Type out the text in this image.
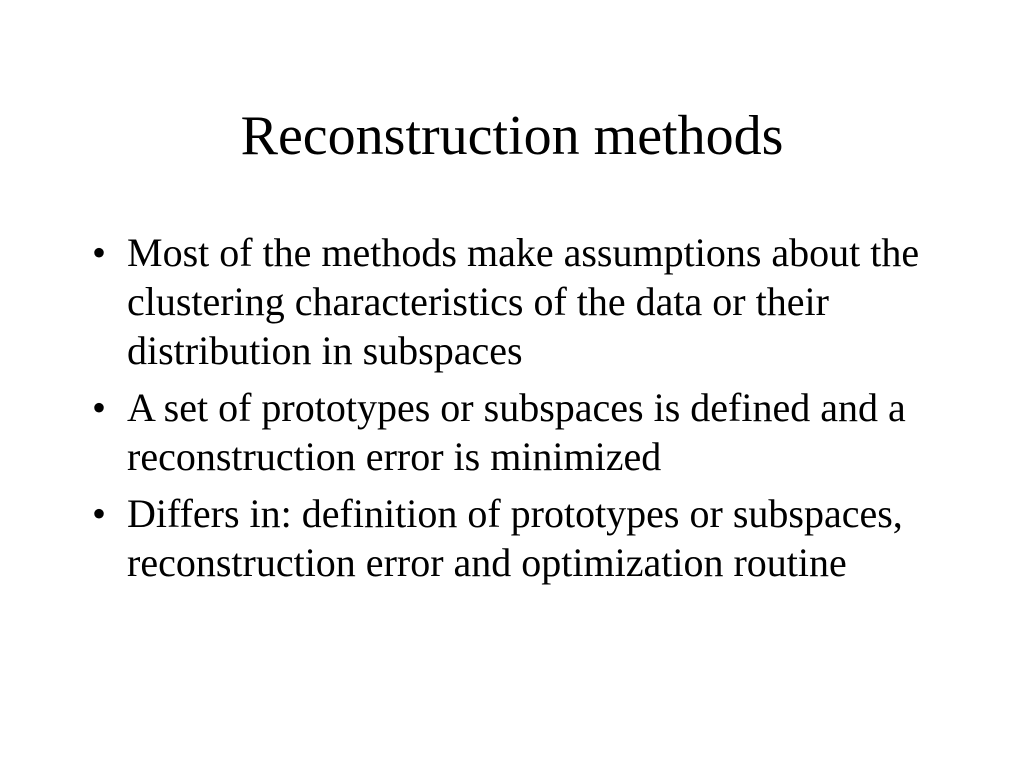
Reconstruction methods
• Most of the methods make assumptions about the clustering characteristics of the data or their distribution in subspaces
• A set of prototypes or subspaces is defined and a reconstruction error is minimized
• Differs in: definition of prototypes or subspaces, reconstruction error and optimization routine
